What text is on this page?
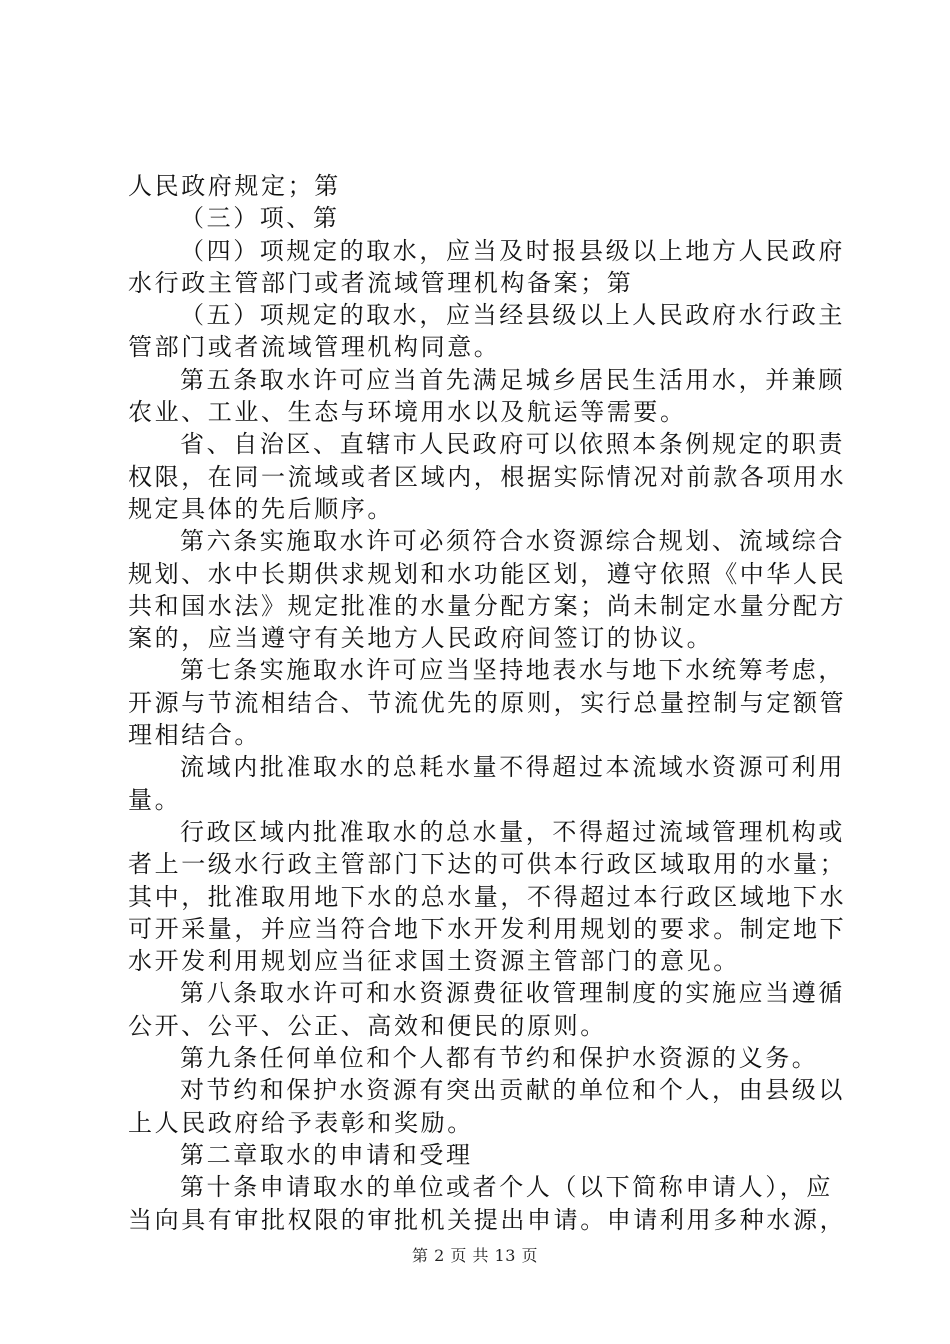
人民政府规定；第

（三）项、第

（四）项规定的取水，应当及时报县级以上地方人民政府

水行政主管部门或者流域管理机构备案；第

（五）项规定的取水，应当经县级以上人民政府水行政主

管部门或者流域管理机构同意。

第五条取水许可应当首先满足城乡居民生活用水，并兼顾

农业、工业、生态与环境用水以及航运等需要。

省、自治区、直辖市人民政府可以依照本条例规定的职责

权限，在同一流域或者区域内，根据实际情况对前款各项用水

规定具体的先后顺序。

第六条实施取水许可必须符合水资源综合规划、流域综合

规划、水中长期供求规划和水功能区划，遵守依照《中华人民

共和国水法》规定批准的水量分配方案；尚未制定水量分配方

案的，应当遵守有关地方人民政府间签订的协议。

第七条实施取水许可应当坚持地表水与地下水统筹考虑，

开源与节流相结合、节流优先的原则，实行总量控制与定额管

理相结合。

流域内批准取水的总耗水量不得超过本流域水资源可利用

量。

行政区域内批准取水的总水量，不得超过流域管理机构或

者上一级水行政主管部门下达的可供本行政区域取用的水量；

其中，批准取用地下水的总水量，不得超过本行政区域地下水

可开采量，并应当符合地下水开发利用规划的要求。制定地下

水开发利用规划应当征求国土资源主管部门的意见。

第八条取水许可和水资源费征收管理制度的实施应当遵循

公开、公平、公正、高效和便民的原则。

第九条任何单位和个人都有节约和保护水资源的义务。

对节约和保护水资源有突出贡献的单位和个人，由县级以

上人民政府给予表彰和奖励。

第二章取水的申请和受理

第十条申请取水的单位或者个人（以下简称申请人），应

当向具有审批权限的审批机关提出申请。申请利用多种水源，

第 2 页 共 13 页
